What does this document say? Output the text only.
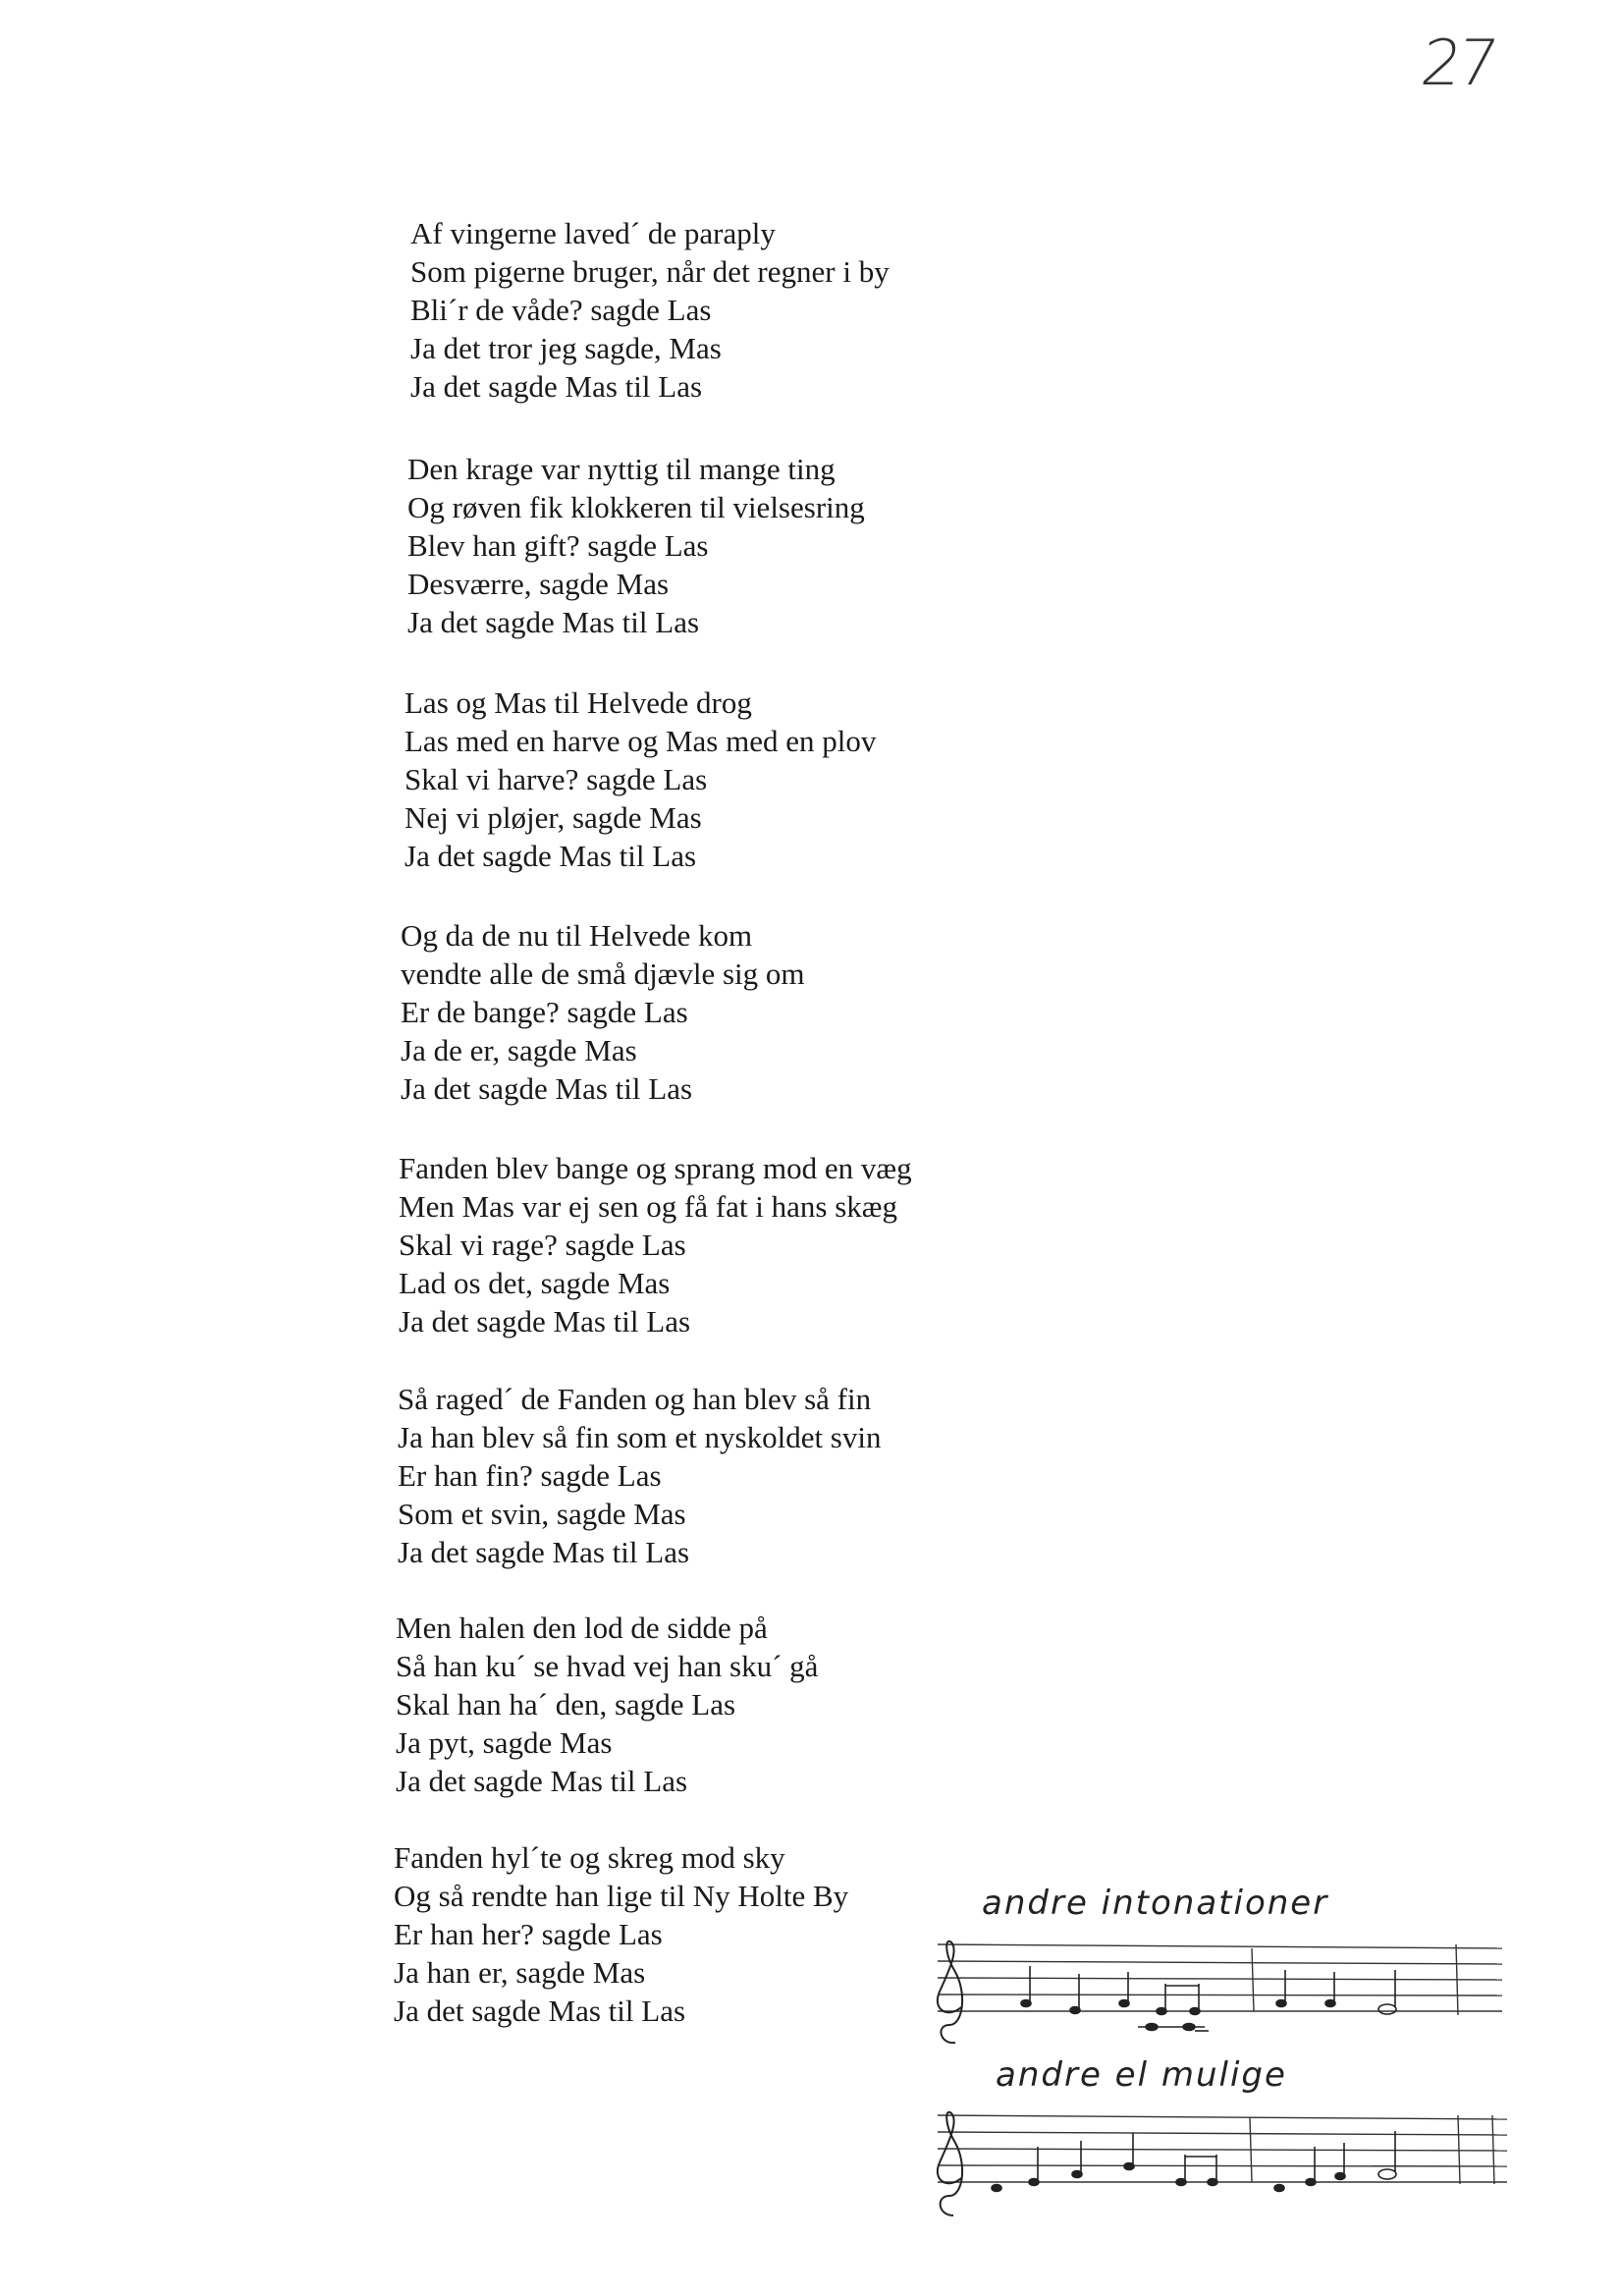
27
Af vingerne laved´ de paraply
Som pigerne bruger, når det regner i by
Bli´r de våde? sagde Las
Ja det tror jeg sagde, Mas
Ja det sagde Mas til Las
Den krage var nyttig til mange ting
Og røven fik klokkeren til vielsesring
Blev han gift? sagde Las
Desværre, sagde Mas
Ja det sagde Mas til Las
Las og Mas til Helvede drog
Las med en harve og Mas med en plov
Skal vi harve? sagde Las
Nej vi pløjer, sagde Mas
Ja det sagde Mas til Las
Og da de nu til Helvede kom
vendte alle de små djævle sig om
Er de bange? sagde Las
Ja de er, sagde Mas
Ja det sagde Mas til Las
Fanden blev bange og sprang mod en væg
Men Mas var ej sen og få fat i hans skæg
Skal vi rage? sagde Las
Lad os det, sagde Mas
Ja det sagde Mas til Las
Så raged´ de Fanden og han blev så fin
Ja han blev så fin som et nyskoldet svin
Er han fin? sagde Las
Som et svin, sagde Mas
Ja det sagde Mas til Las
Men halen den lod de sidde på
Så han ku´ se hvad vej han sku´ gå
Skal han ha´ den, sagde Las
Ja pyt, sagde Mas
Ja det sagde Mas til Las
Fanden hyl´te og skreg mod sky
Og så rendte han lige til Ny Holte By
Er han her? sagde Las
Ja han er, sagde Mas
Ja det sagde Mas til Las
andre intonationer
andre el mulige
